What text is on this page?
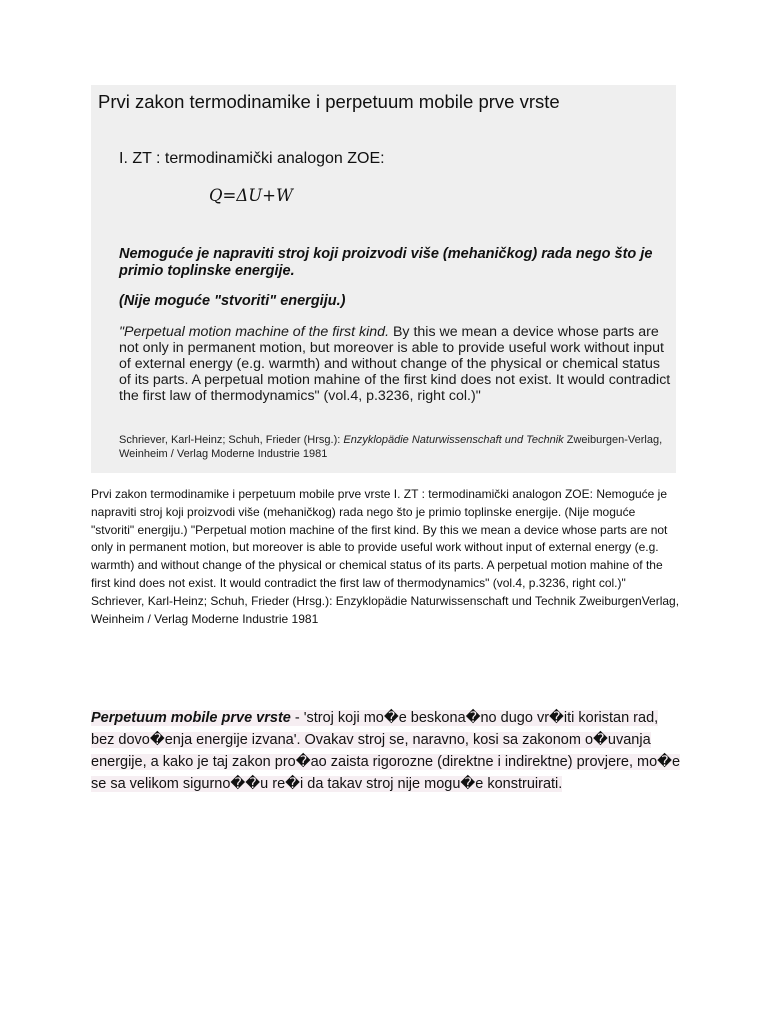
Prvi zakon termodinamike i perpetuum mobile prve vrste
I. ZT : termodinamički analogon ZOE:
Q=ΔU+W
Nemoguće je napraviti stroj koji proizvodi više (mehaničkog) rada nego što je primio toplinske energije.
(Nije moguće "stvoriti" energiju.)
"Perpetual motion machine of the first kind. By this we mean a device whose parts are not only in permanent motion, but moreover is able to provide useful work without input of external energy (e.g. warmth) and without change of the physical or chemical status of its parts. A perpetual motion mahine of the first kind does not exist. It would contradict the first law of thermodynamics" (vol.4, p.3236, right col.)"
Schriever, Karl-Heinz; Schuh, Frieder (Hrsg.): Enzyklopädie Naturwissenschaft und Technik Zweiburgen-Verlag, Weinheim / Verlag Moderne Industrie 1981
Prvi zakon termodinamike i perpetuum mobile prve vrste I. ZT : termodinamički analogon ZOE: Nemoguće je napraviti stroj koji proizvodi više (mehaničkog) rada nego što je primio toplinske energije. (Nije moguće "stvoriti" energiju.) "Perpetual motion machine of the first kind. By this we mean a device whose parts are not only in permanent motion, but moreover is able to provide useful work without input of external energy (e.g. warmth) and without change of the physical or chemical status of its parts. A perpetual motion mahine of the first kind does not exist. It would contradict the first law of thermodynamics" (vol.4, p.3236, right col.)" Schriever, Karl-Heinz; Schuh, Frieder (Hrsg.): Enzyklopädie Naturwissenschaft und Technik ZweiburgenVerlag, Weinheim / Verlag Moderne Industrie 1981
Perpetuum mobile prve vrste - 'stroj koji mo�e beskona�no dugo vr�iti koristan rad, bez dovo�enja energije izvana'. Ovakav stroj se, naravno, kosi sa zakonom o�uvanja energije, a kako je taj zakon pro�ao zaista rigorozne (direktne i indirektne) provjere, mo�e se sa velikom sigurno��u re�i da takav stroj nije mogu�e konstruirati.
